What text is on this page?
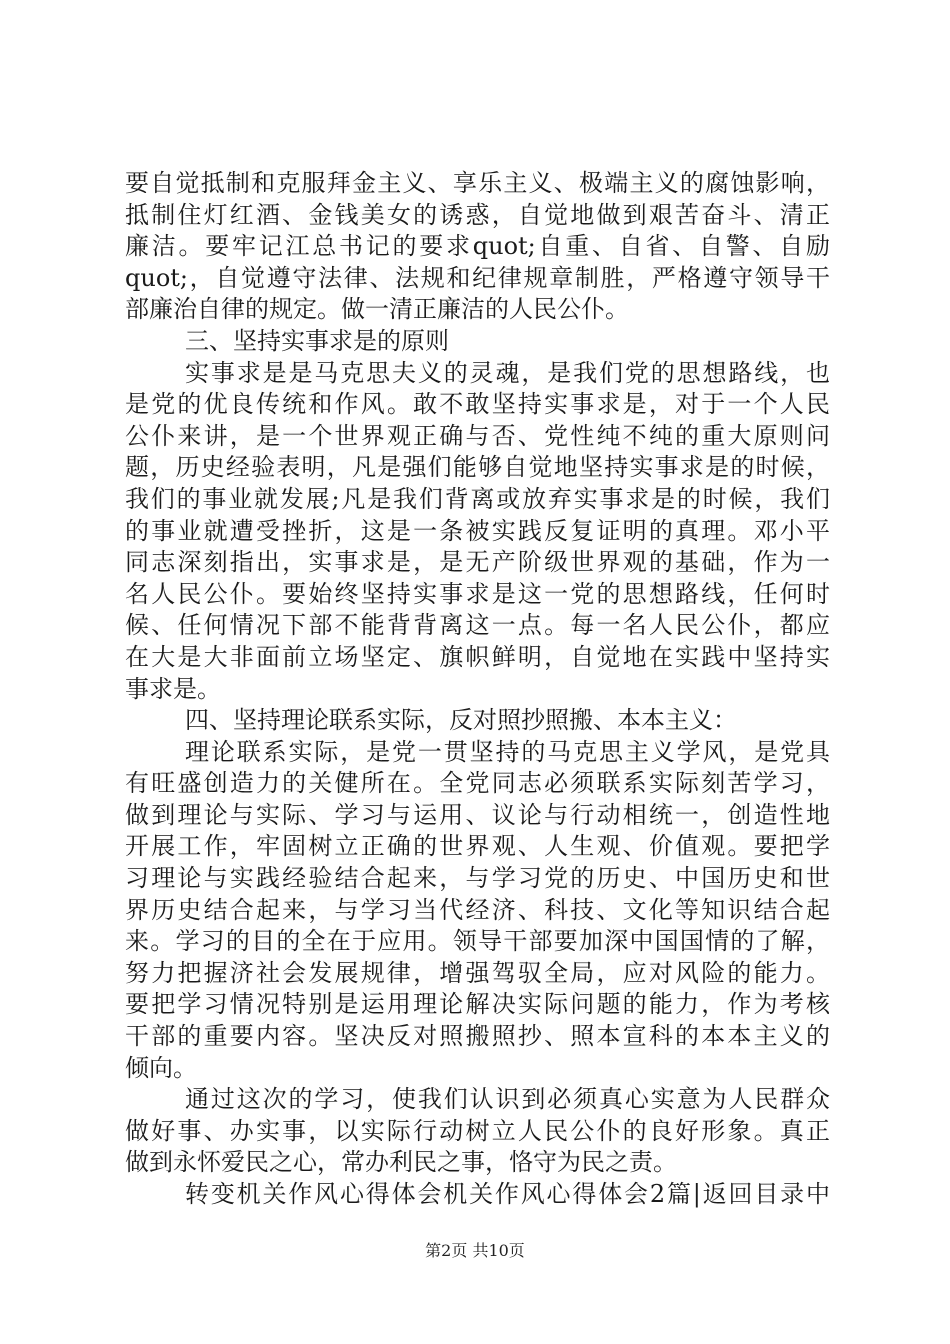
要自觉抵制和克服拜金主义、享乐主义、极端主义的腐蚀影响，
抵制住灯红酒、金钱美女的诱惑，自觉地做到艰苦奋斗、清正
廉洁。要牢记江总书记的要求quot;自重、自省、自警、自励
quot;，自觉遵守法律、法规和纪律规章制胜，严格遵守领导干
部廉治自律的规定。做一清正廉洁的人民公仆。
三、坚持实事求是的原则
实事求是是马克思夫义的灵魂，是我们党的思想路线，也
是党的优良传统和作风。敢不敢坚持实事求是，对于一个人民
公仆来讲，是一个世界观正确与否、党性纯不纯的重大原则问
题，历史经验表明，凡是强们能够自觉地坚持实事求是的时候，
我们的事业就发展;凡是我们背离或放弃实事求是的时候，我们
的事业就遭受挫折，这是一条被实践反复证明的真理。邓小平
同志深刻指出，实事求是，是无产阶级世界观的基础，作为一
名人民公仆。要始终坚持实事求是这一党的思想路线，任何时
候、任何情况下部不能背背离这一点。每一名人民公仆，都应
在大是大非面前立场坚定、旗帜鲜明，自觉地在实践中坚持实
事求是。
四、坚持理论联系实际，反对照抄照搬、本本主义：
理论联系实际，是党一贯坚持的马克思主义学风，是党具
有旺盛创造力的关健所在。全党同志必须联系实际刻苦学习，
做到理论与实际、学习与运用、议论与行动相统一，创造性地
开展工作，牢固树立正确的世界观、人生观、价值观。要把学
习理论与实践经验结合起来，与学习党的历史、中国历史和世
界历史结合起来，与学习当代经济、科技、文化等知识结合起
来。学习的目的全在于应用。领导干部要加深中国国情的了解，
努力把握济社会发展规律，增强驾驭全局，应对风险的能力。
要把学习情况特别是运用理论解决实际问题的能力，作为考核
干部的重要内容。坚决反对照搬照抄、照本宣科的本本主义的
倾向。
通过这次的学习，使我们认识到必须真心实意为人民群众
做好事、办实事，以实际行动树立人民公仆的良好形象。真正
做到永怀爱民之心，常办利民之事，恪守为民之责。
转变机关作风心得体会机关作风心得体会2篇|返回目录中
第2页 共10页
